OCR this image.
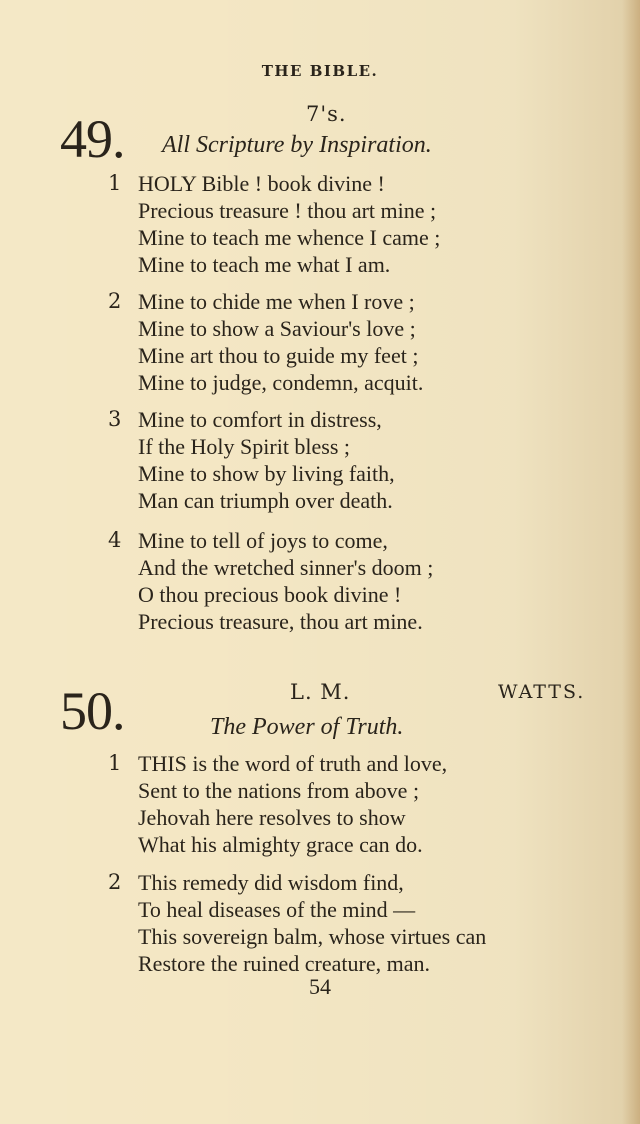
THE BIBLE.
49.	7's.
All Scripture by Inspiration.
1 HOLY Bible ! book divine !
Precious treasure ! thou art mine ;
Mine to teach me whence I came ;
Mine to teach me what I am.
2 Mine to chide me when I rove ;
Mine to show a Saviour's love ;
Mine art thou to guide my feet ;
Mine to judge, condemn, acquit.
3 Mine to comfort in distress,
If the Holy Spirit bless ;
Mine to show by living faith,
Man can triumph over death.
4 Mine to tell of joys to come,
And the wretched sinner's doom ;
O thou precious book divine !
Precious treasure, thou art mine.
50.	L. M.	WATTS.
The Power of Truth.
1 THIS is the word of truth and love,
Sent to the nations from above ;
Jehovah here resolves to show
What his almighty grace can do.
2 This remedy did wisdom find,
To heal diseases of the mind —
This sovereign balm, whose virtues can
Restore the ruined creature, man.
54
